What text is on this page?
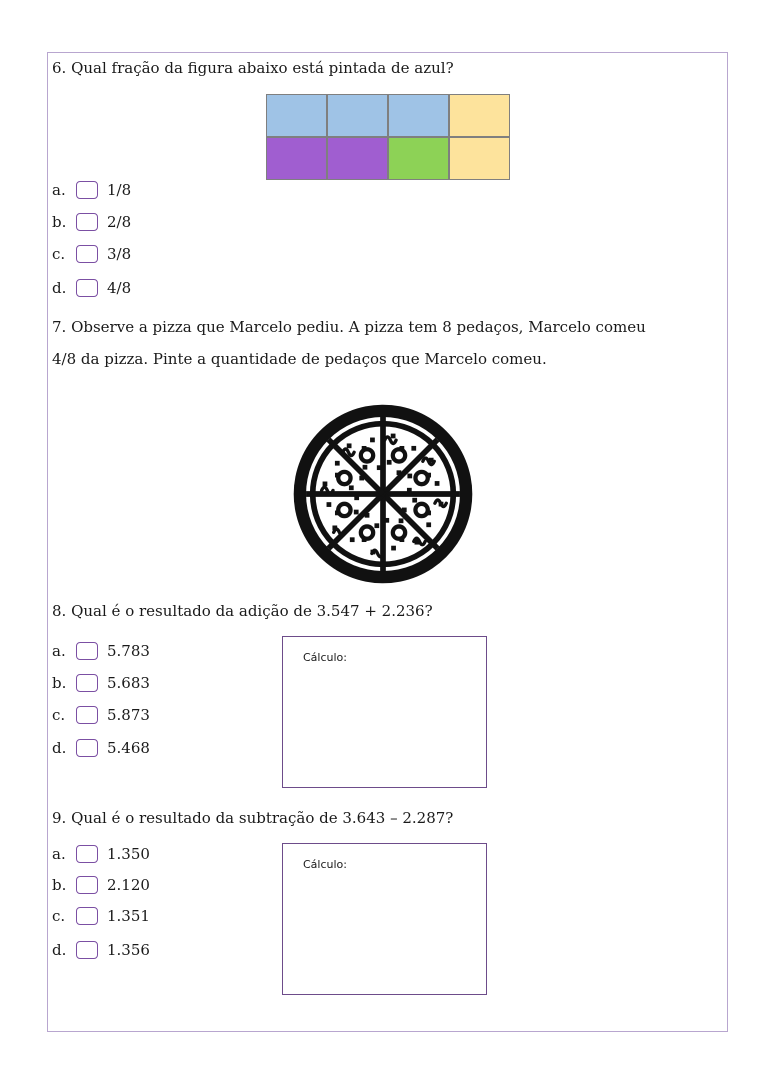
6. Qual fração da figura abaixo está pintada de azul?
a.	1/8
b.	2/8
c.	3/8
d.	4/8
7. Observe a pizza que Marcelo pediu. A pizza tem 8 pedaços, Marcelo comeu
4/8 da pizza. Pinte a quantidade de pedaços que Marcelo comeu.
8. Qual é o resultado da adição de 3.547 + 2.236?
a.	5.783
b.	5.683
c.	5.873
d.	5.468
Cálculo:
9. Qual é o resultado da subtração de 3.643 – 2.287?
a.	1.350
b.	2.120
c.	1.351
d.	1.356
Cálculo:
